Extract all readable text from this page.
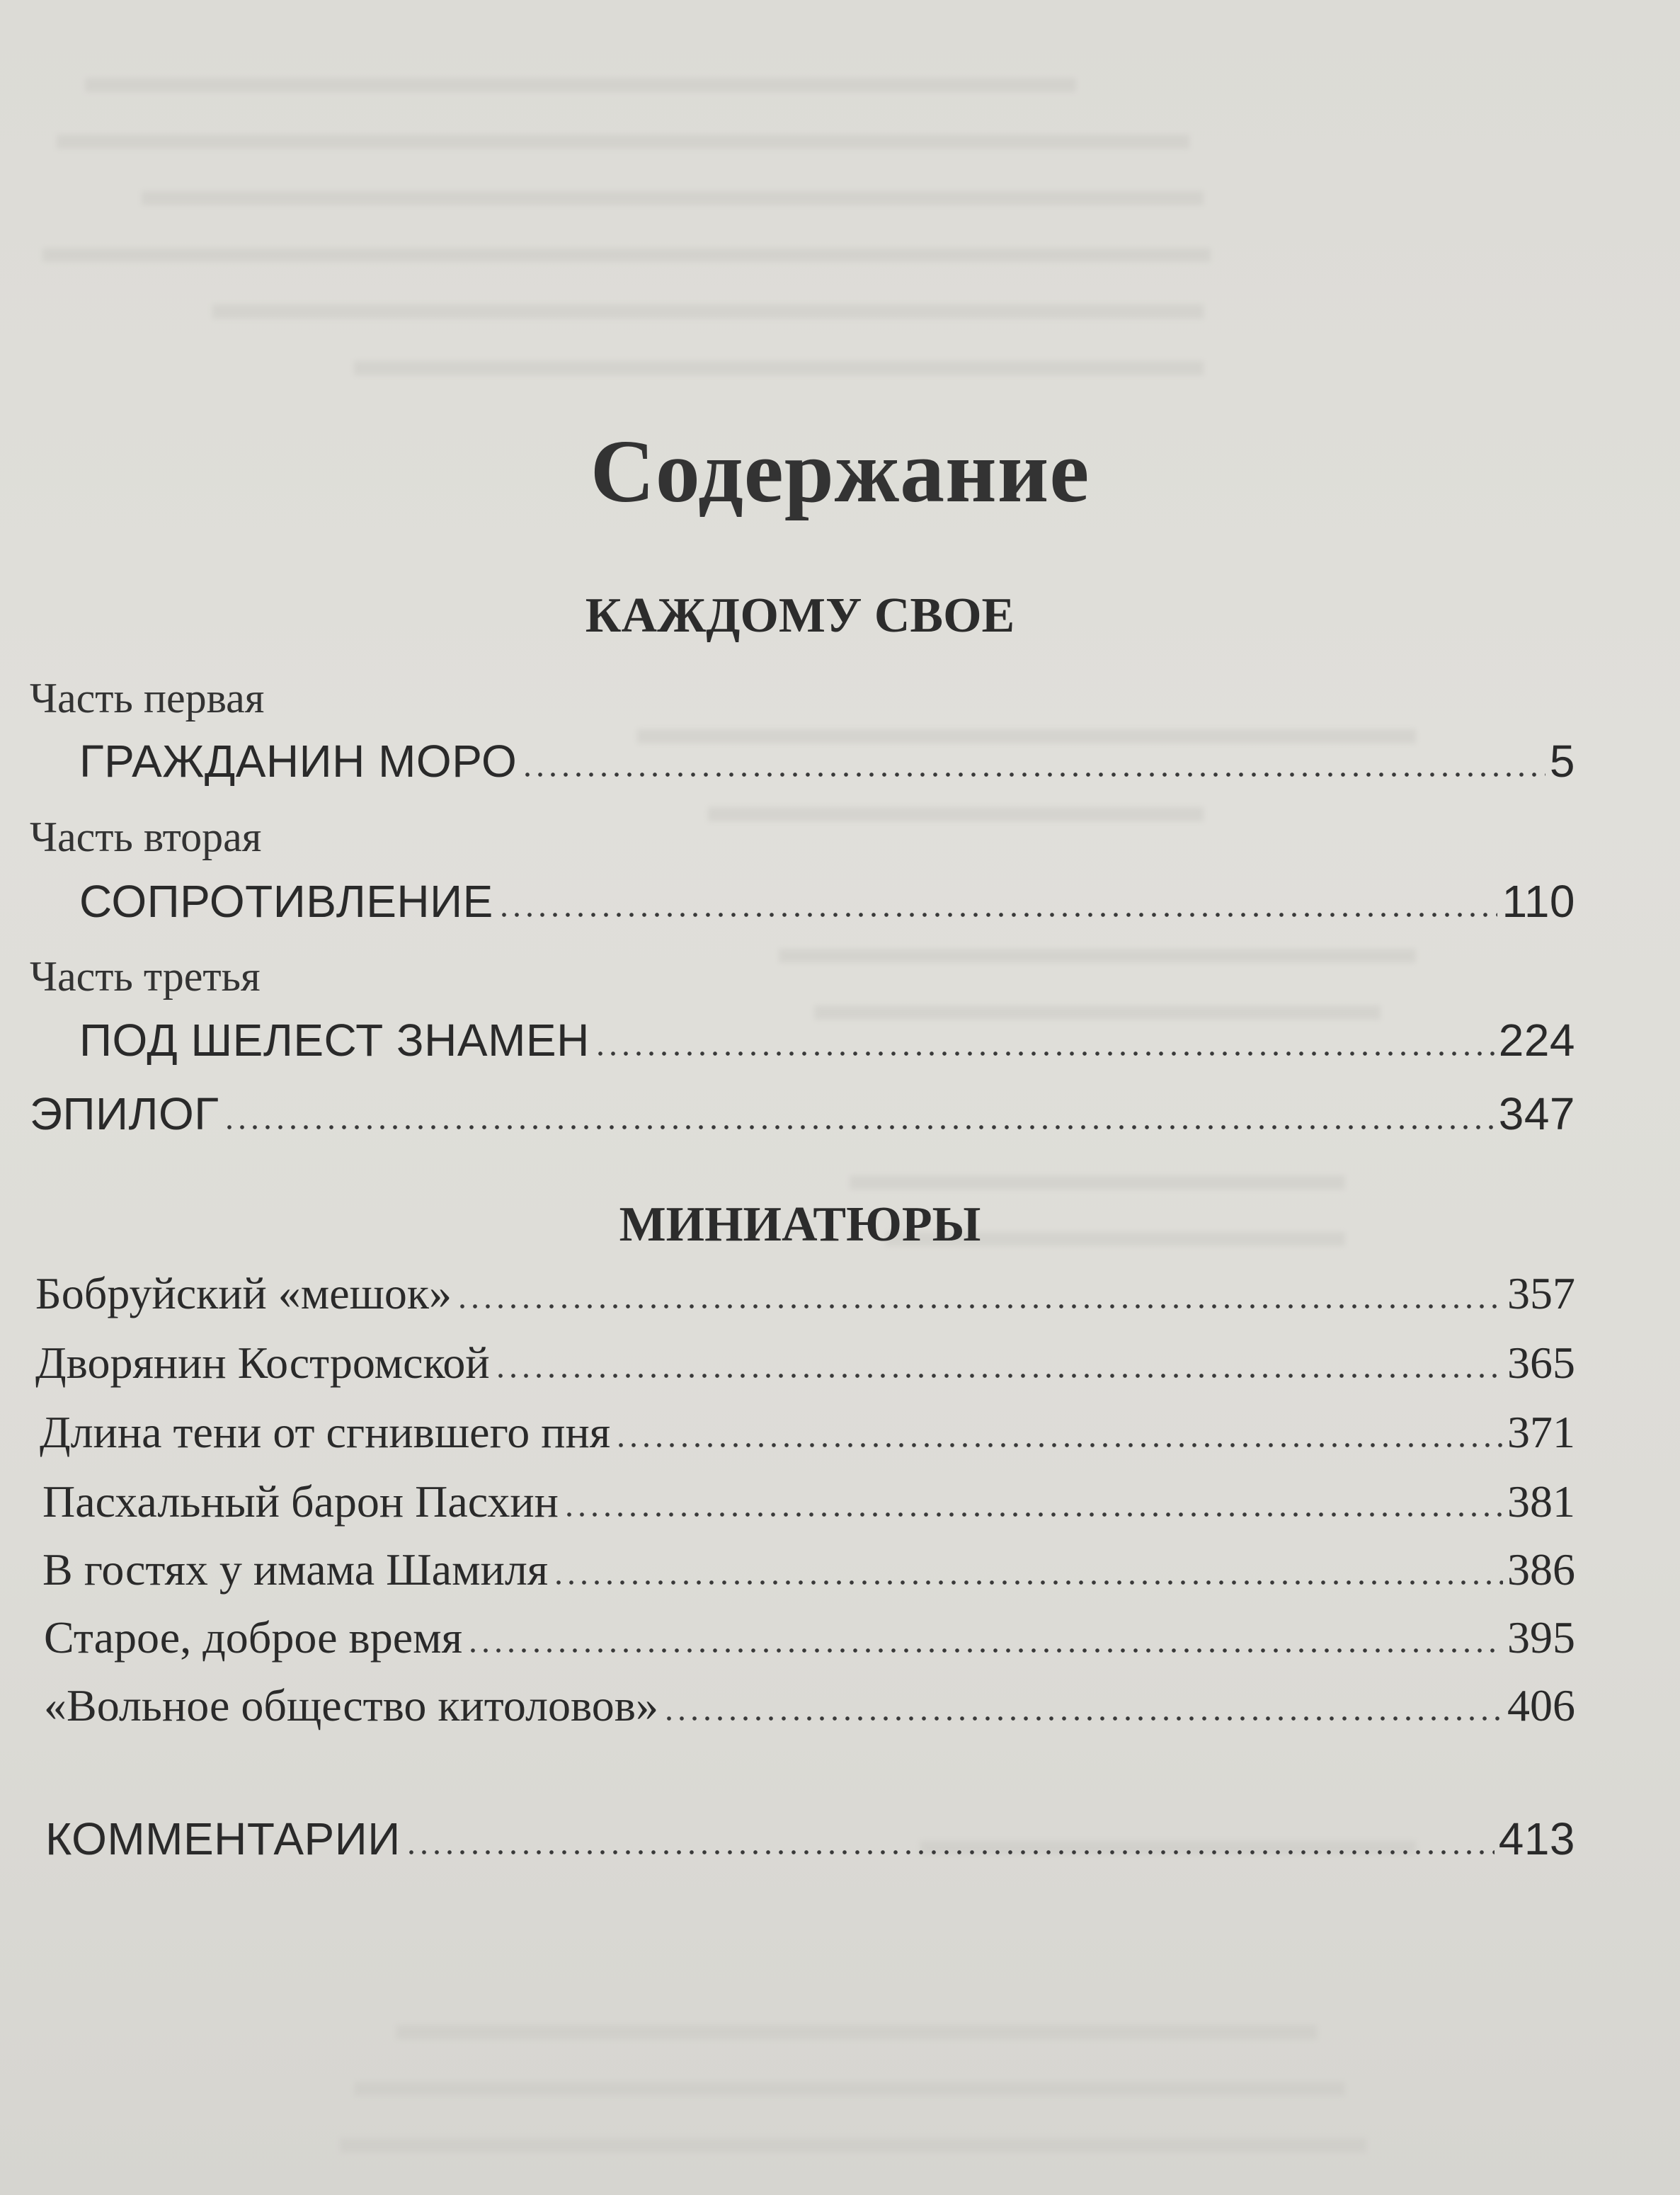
Содержание
КАЖДОМУ СВОЕ
Часть первая
ГРАЖДАНИН МОРО	5
Часть вторая
СОПРОТИВЛЕНИЕ	110
Часть третья
ПОД ШЕЛЕСТ ЗНАМЕН	224
ЭПИЛОГ	347
МИНИАТЮРЫ
Бобруйский «мешок»	357
Дворянин Костромской	365
Длина тени от сгнившего пня	371
Пасхальный барон Пасхин	381
В гостях у имама Шамиля	386
Старое, доброе время	395
«Вольное общество китоловов»	406
КОММЕНТАРИИ	413
